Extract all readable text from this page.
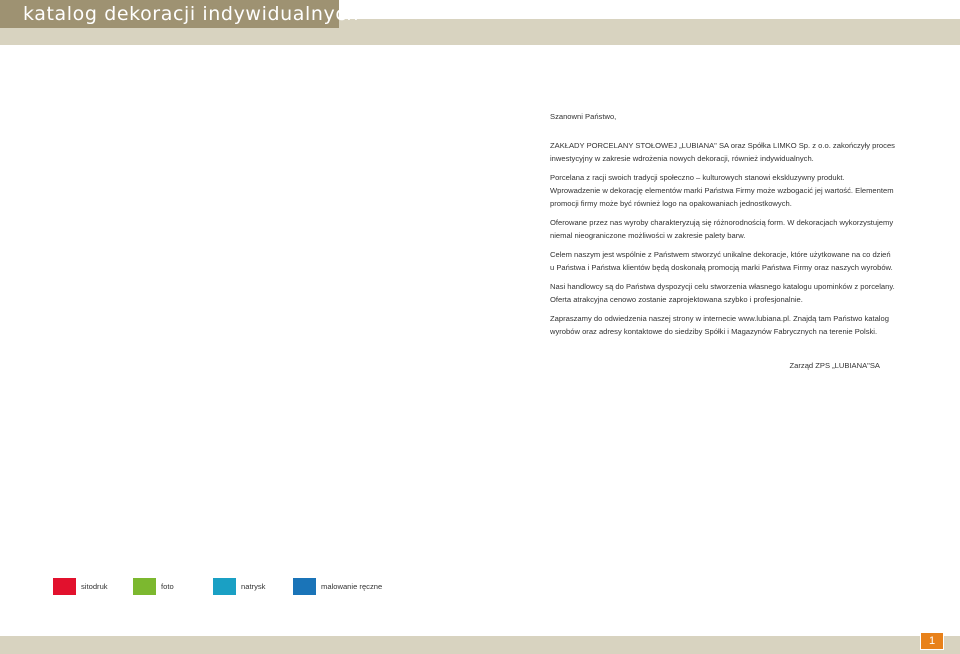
katalog dekoracji indywidualnych

Szanowni Państwo,

ZAKŁADY PORCELANY STOŁOWEJ „LUBIANA" SA oraz Spółka LIMKO Sp. z o.o. zakończyły proces inwestycyjny w zakresie wdrożenia nowych dekoracji, również indywidualnych.

Porcelana z racji swoich tradycji społeczno – kulturowych stanowi ekskluzywny produkt. Wprowadzenie w dekorację elementów marki Państwa Firmy może wzbogacić jej wartość. Elementem promocji firmy może być również logo na opakowaniach jednostkowych.

Oferowane przez nas wyroby charakteryzują się różnorodnością form. W dekoracjach wykorzystujemy niemal nieograniczone możliwości w zakresie palety barw.

Celem naszym jest wspólnie z Państwem stworzyć unikalne dekoracje, które użytkowane na co dzień u Państwa i Państwa klientów będą doskonałą promocją marki Państwa Firmy oraz naszych wyrobów.

Nasi handlowcy są do Państwa dyspozycji celu stworzenia własnego katalogu upominków z porcelany. Oferta atrakcyjna cenowo zostanie zaprojektowana szybko i profesjonalnie.

Zapraszamy do odwiedzenia naszej strony w internecie www.lubiana.pl. Znajdą tam Państwo katalog wyrobów oraz adresy kontaktowe do siedziby Spółki i Magazynów Fabrycznych na terenie Polski.

Zarząd ZPS „LUBIANA"SA
sitodruk	foto	natrysk	malowanie ręczne
1
